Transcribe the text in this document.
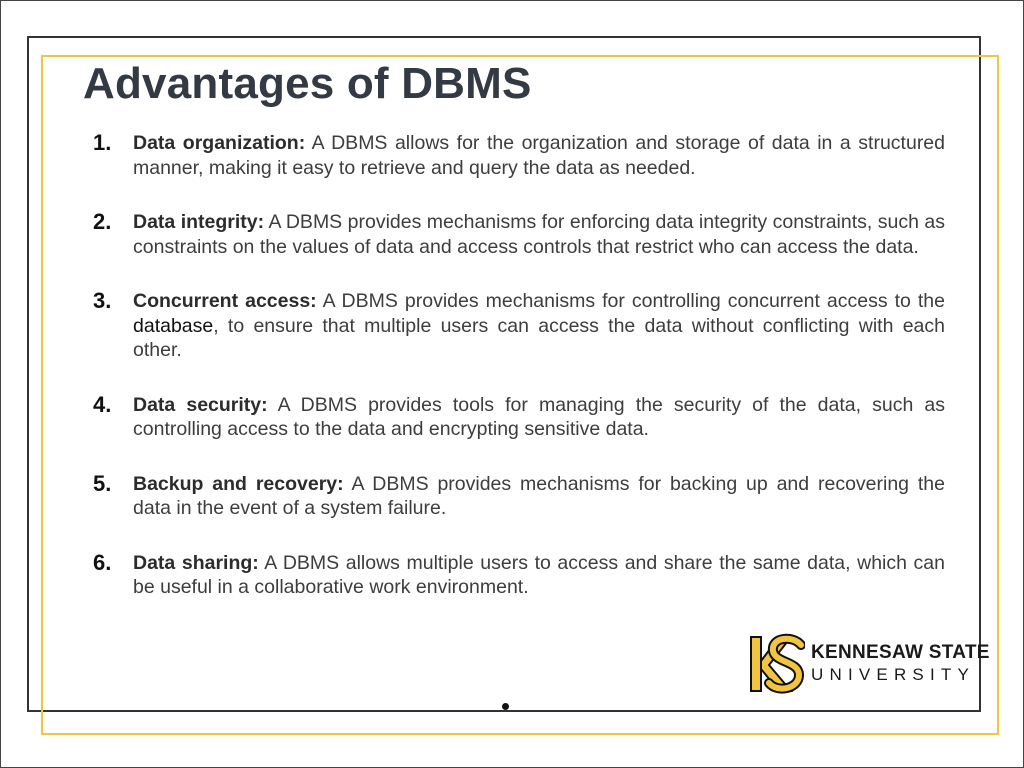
Advantages of DBMS
1.	Data organization: A DBMS allows for the organization and storage of data in a structured manner, making it easy to retrieve and query the data as needed.

2.	Data integrity: A DBMS provides mechanisms for enforcing data integrity constraints, such as constraints on the values of data and access controls that restrict who can access the data.

3.	Concurrent access: A DBMS provides mechanisms for controlling concurrent access to the database, to ensure that multiple users can access the data without conflicting with each other.

4.	Data security: A DBMS provides tools for managing the security of the data, such as controlling access to the data and encrypting sensitive data.

5.	Backup and recovery: A DBMS provides mechanisms for backing up and recovering the data in the event of a system failure.

6.	Data sharing: A DBMS allows multiple users to access and share the same data, which can be useful in a collaborative work environment.

KENNESAW STATE
UNIVERSITY
